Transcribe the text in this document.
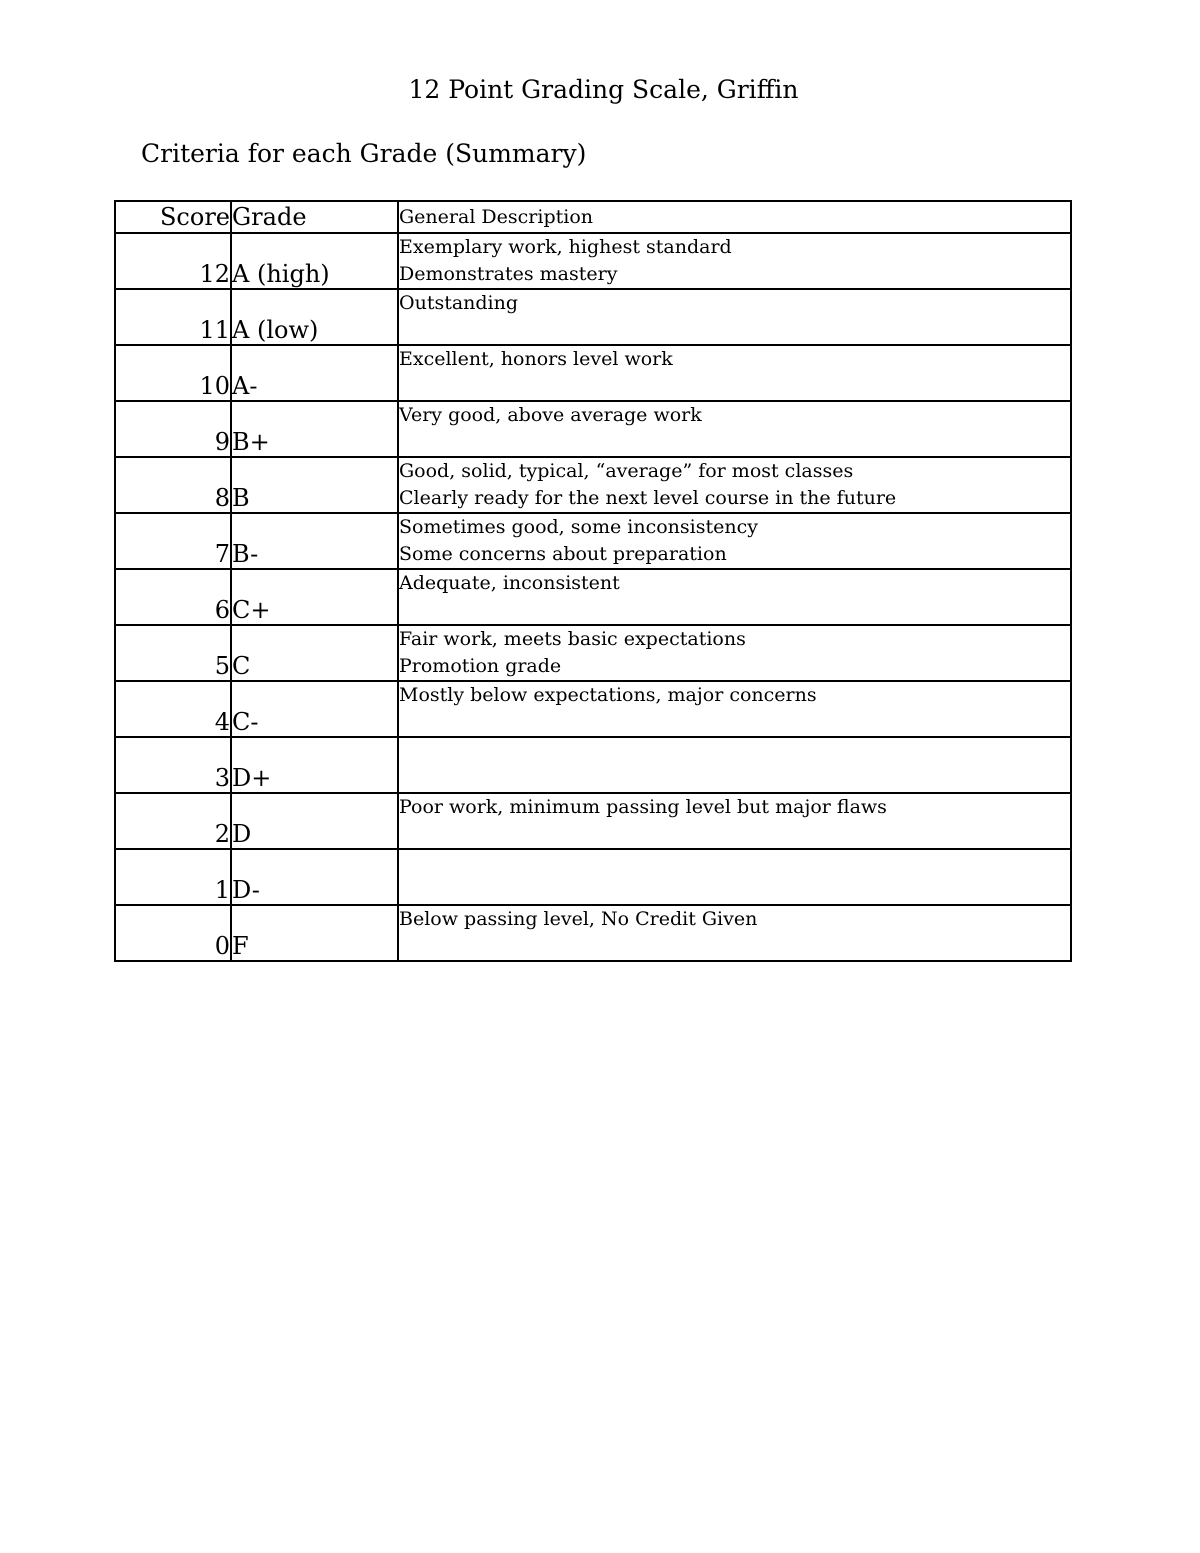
12 Point Grading Scale, Griffin
Criteria for each Grade (Summary)
Score	Grade	General Description
12	A (high)	Exemplary work, highest standard
Demonstrates mastery

11	A (low)	Outstanding

10	A-	Excellent, honors level work

9	B+	Very good, above average work

8	B	Good, solid, typical, “average” for most classes
Clearly ready for the next level course in the future

7	B-	Sometimes good, some inconsistency
Some concerns about preparation

6	C+	Adequate, inconsistent

5	C	Fair work, meets basic expectations
Promotion grade

4	C-	Mostly below expectations, major concerns

3	D+	

2	D	Poor work, minimum passing level but major flaws

1	D-	

0	F	Below passing level, No Credit Given
